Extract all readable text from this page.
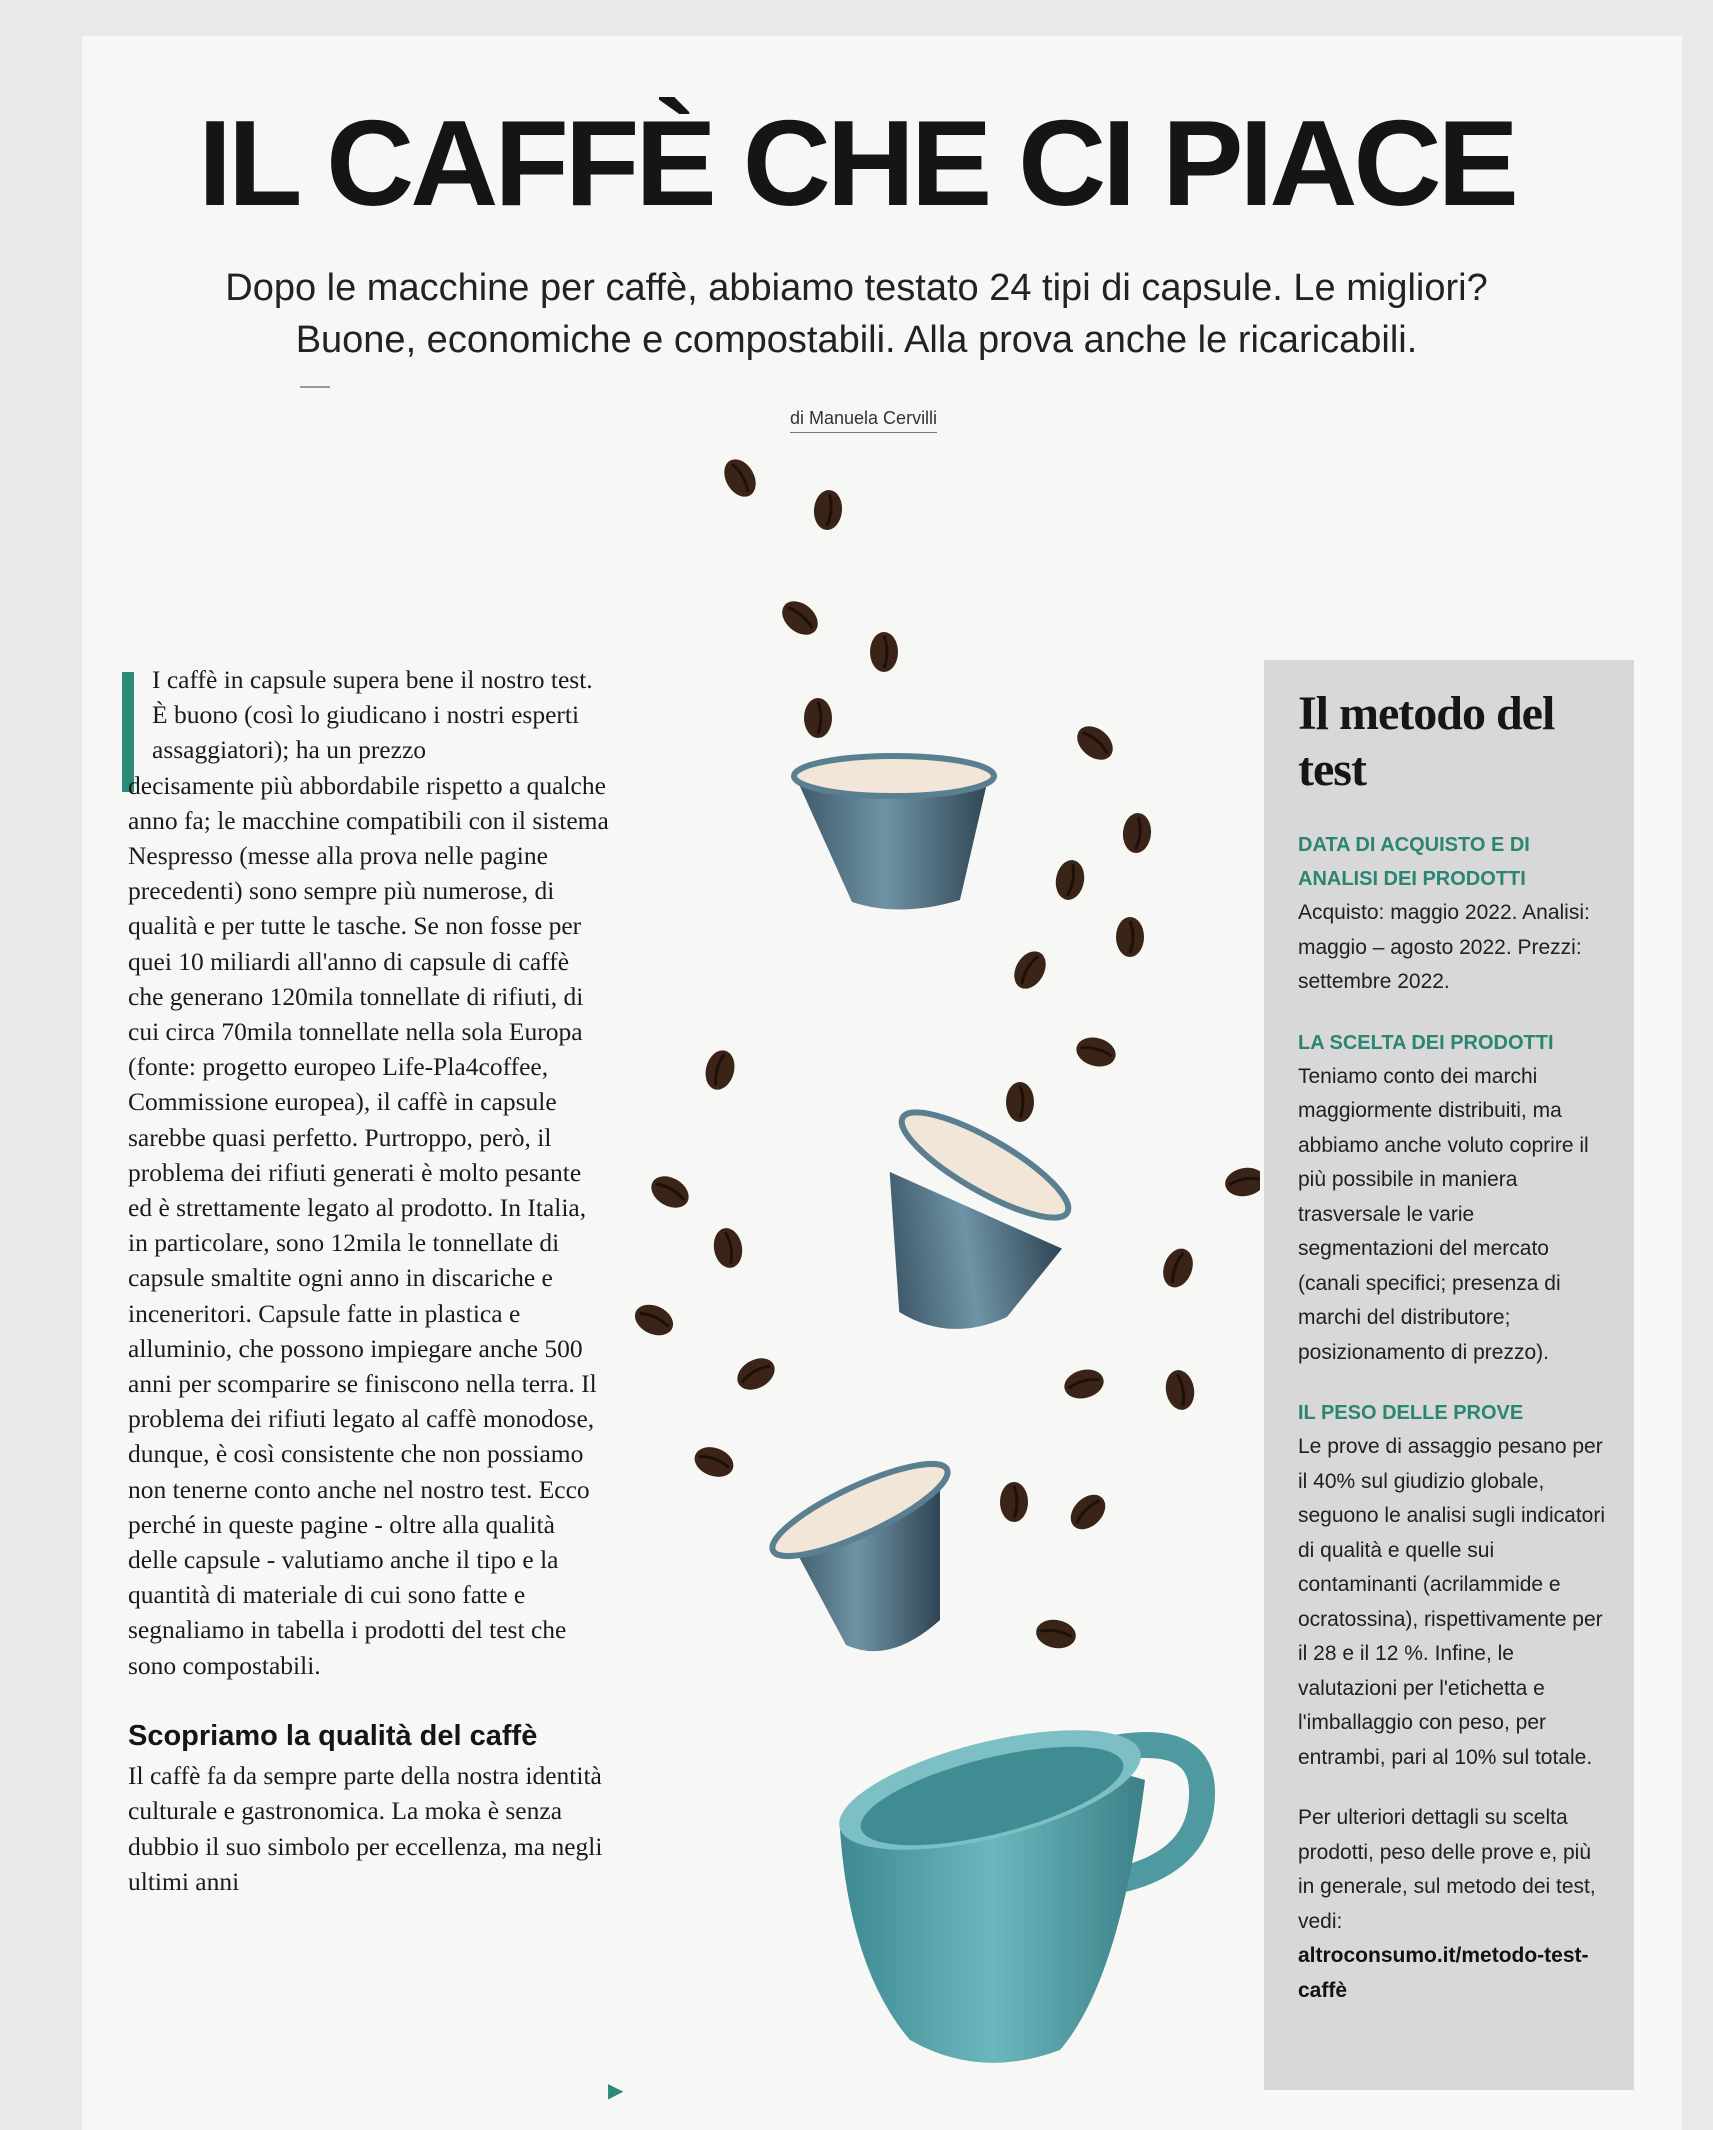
IL CAFFÈ CHE CI PIACE

Dopo le macchine per caffè, abbiamo testato 24 tipi di capsule. Le migliori?
Buone, economiche e compostabili. Alla prova anche le ricaricabili.

di Manuela Cervilli

I caffè in capsule supera bene il nostro test. È buono (così lo giudicano i nostri esperti assaggiatori); ha un prezzo

decisamente più abbordabile rispetto a qualche anno fa; le macchine compatibili con il sistema Nespresso (messe alla prova nelle pagine precedenti) sono sempre più numerose, di qualità e per tutte le tasche. Se non fosse per quei 10 miliardi all'anno di capsule di caffè che generano 120mila tonnellate di rifiuti, di cui circa 70mila tonnellate nella sola Europa (fonte: progetto europeo Life-Pla4coffee, Commissione europea), il caffè in capsule sarebbe quasi perfetto. Purtroppo, però, il problema dei rifiuti generati è molto pesante ed è strettamente legato al prodotto. In Italia, in particolare, sono 12mila le tonnellate di capsule smaltite ogni anno in discariche e inceneritori. Capsule fatte in plastica e alluminio, che possono impiegare anche 500 anni per scomparire se finiscono nella terra. Il problema dei rifiuti legato al caffè monodose, dunque, è così consistente che non possiamo non tenerne conto anche nel nostro test. Ecco perché in queste pagine - oltre alla qualità delle capsule - valutiamo anche il tipo e la quantità di materiale di cui sono fatte e segnaliamo in tabella i prodotti del test che sono compostabili.

Scopriamo la qualità del caffè

Il caffè fa da sempre parte della nostra identità culturale e gastronomica. La moka è senza dubbio il suo simbolo per eccellenza, ma negli ultimi anni

▶
Il metodo del test

DATA DI ACQUISTO E DI ANALISI DEI PRODOTTI

Acquisto: maggio 2022. Analisi: maggio – agosto 2022. Prezzi: settembre 2022.

LA SCELTA DEI PRODOTTI

Teniamo conto dei marchi maggiormente distribuiti, ma abbiamo anche voluto coprire il più possibile in maniera trasversale le varie segmentazioni del mercato (canali specifici; presenza di marchi del distributore; posizionamento di prezzo).

IL PESO DELLE PROVE

Le prove di assaggio pesano per il 40% sul giudizio globale, seguono le analisi sugli indicatori di qualità e quelle sui contaminanti (acrilammide e ocratossina), rispettivamente per il 28 e il 12 %. Infine, le valutazioni per l'etichetta e l'imballaggio con peso, per entrambi, pari al 10% sul totale.

Per ulteriori dettagli su scelta prodotti, peso delle prove e, più in generale, sul metodo dei test, vedi:

altroconsumo.it/metodo-test-caffè
